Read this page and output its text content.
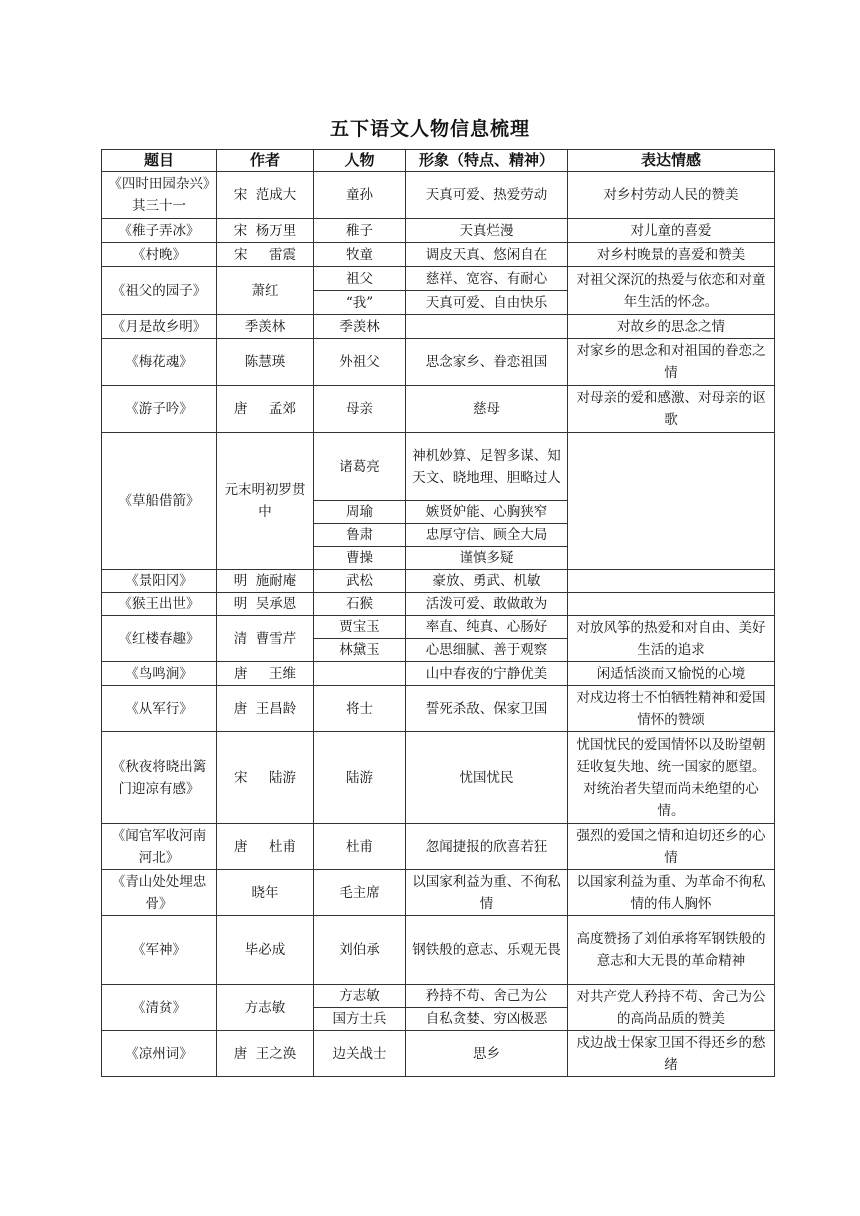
五下语文人物信息梳理
题目	作者	人物	形象（特点、精神）	表达情感
《四时田园杂兴》其三十一	宋  范成大	童孙	天真可爱、热爱劳动	对乡村劳动人民的赞美
《稚子弄冰》	宋  杨万里	稚子	天真烂漫	对儿童的喜爱
《村晚》	宋     雷震	牧童	调皮天真、悠闲自在	对乡村晚景的喜爱和赞美
《祖父的园子》	萧红	祖父	慈祥、宽容、有耐心	对祖父深沉的热爱与依恋和对童年生活的怀念。
		“我”	天真可爱、自由快乐	
《月是故乡明》	季羡林	季羡林		对故乡的思念之情
《梅花魂》	陈慧瑛	外祖父	思念家乡、眷恋祖国	对家乡的思念和对祖国的眷恋之情
《游子吟》	唐     孟郊	母亲	慈母	对母亲的爱和感激、对母亲的讴歌
《草船借箭》	元末明初罗贯中	诸葛亮	神机妙算、足智多谋、知天文、晓地理、胆略过人	
		周瑜	嫉贤妒能、心胸狭窄	
		鲁肃	忠厚守信、顾全大局	
		曹操	谨慎多疑	
《景阳冈》	明  施耐庵	武松	豪放、勇武、机敏	
《猴王出世》	明  吴承恩	石猴	活泼可爱、敢做敢为	
《红楼春趣》	清  曹雪芹	贾宝玉	率直、纯真、心肠好	对放风筝的热爱和对自由、美好生活的追求
		林黛玉	心思细腻、善于观察	
《鸟鸣涧》	唐     王维		山中春夜的宁静优美	闲适恬淡而又愉悦的心境
《从军行》	唐  王昌龄	将士	誓死杀敌、保家卫国	对戍边将士不怕牺牲精神和爱国情怀的赞颂
《秋夜将晓出篱门迎凉有感》	宋     陆游	陆游	忧国忧民	忧国忧民的爱国情怀以及盼望朝廷收复失地、统一国家的愿望。对统治者失望而尚未绝望的心情。
《闻官军收河南河北》	唐     杜甫	杜甫	忽闻捷报的欣喜若狂	强烈的爱国之情和迫切还乡的心情
《青山处处埋忠骨》	晓年	毛主席	以国家利益为重、不徇私情	以国家利益为重、为革命不徇私情的伟人胸怀
《军神》	毕必成	刘伯承	钢铁般的意志、乐观无畏	高度赞扬了刘伯承将军钢铁般的意志和大无畏的革命精神
《清贫》	方志敏	方志敏	矜持不苟、舍己为公	对共产党人矜持不苟、舍己为公的高尚品质的赞美
		国方士兵	自私贪婪、穷凶极恶	
《凉州词》	唐  王之涣	边关战士	思乡	戍边战士保家卫国不得还乡的愁绪
